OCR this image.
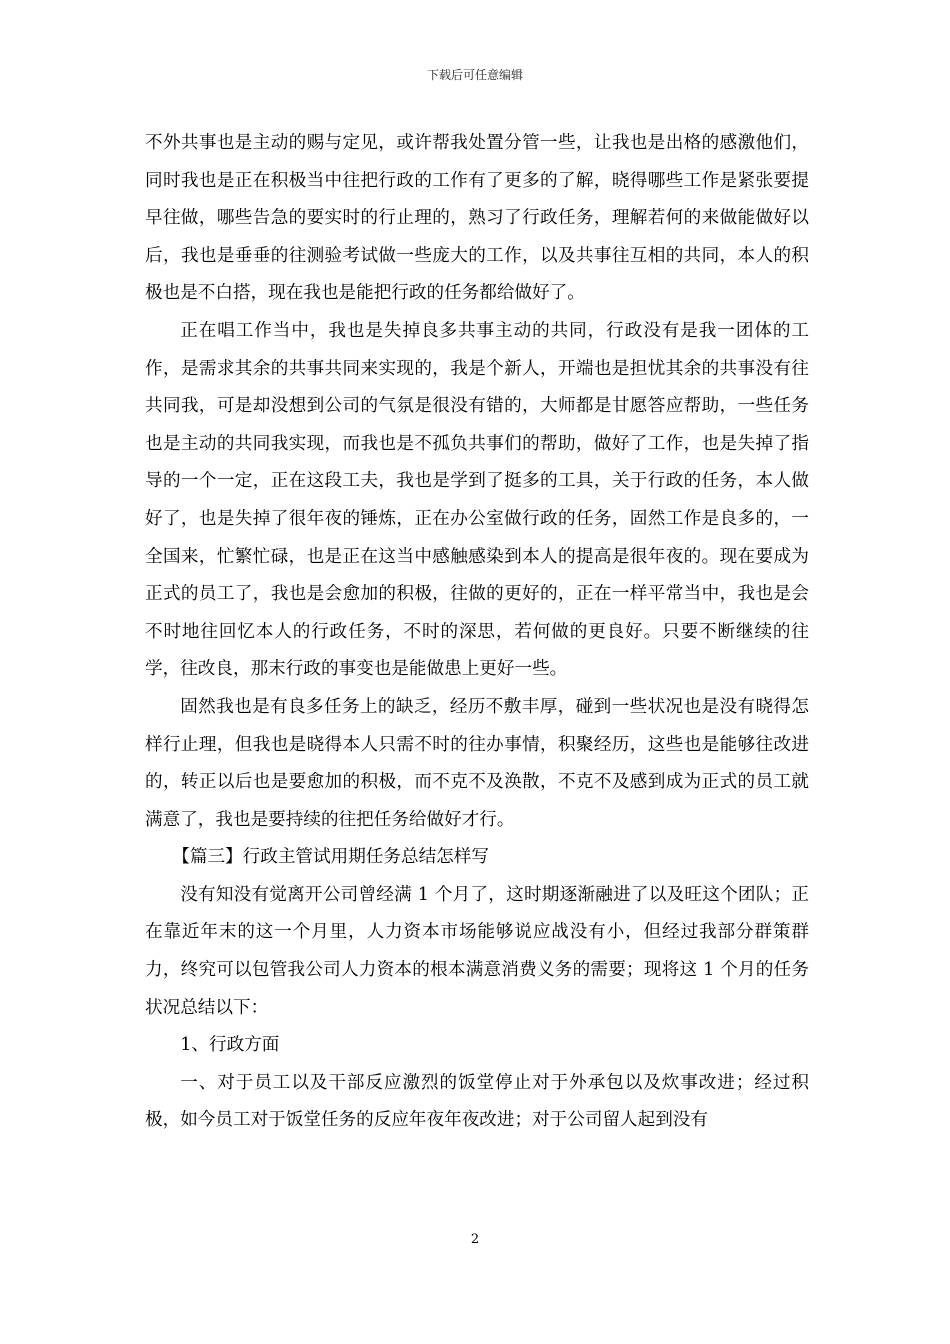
下载后可任意编辑

不外共事也是主动的赐与定见，或许帮我处置分管一些，让我也是出格的感激他们，同时我也是正在积极当中往把行政的工作有了更多的了解，晓得哪些工作是紧张要提早往做，哪些告急的要实时的行止理的，熟习了行政任务，理解若何的来做能做好以后，我也是垂垂的往测验考试做一些庞大的工作，以及共事往互相的共同，本人的积极也是不白搭，现在我也是能把行政的任务都给做好了。

正在唱工作当中，我也是失掉良多共事主动的共同，行政没有是我一团体的工作，是需求其余的共事共同来实现的，我是个新人，开端也是担忧其余的共事没有往共同我，可是却没想到公司的气氛是很没有错的，大师都是甘愿答应帮助，一些任务也是主动的共同我实现，而我也是不孤负共事们的帮助，做好了工作，也是失掉了指导的一个一定，正在这段工夫，我也是学到了挺多的工具，关于行政的任务，本人做好了，也是失掉了很年夜的锤炼，正在办公室做行政的任务，固然工作是良多的，一全国来，忙繁忙碌，也是正在这当中感触感染到本人的提高是很年夜的。现在要成为正式的员工了，我也是会愈加的积极，往做的更好的，正在一样平常当中，我也是会不时地往回忆本人的行政任务，不时的深思，若何做的更良好。只要不断继续的往学，往改良，那末行政的事变也是能做患上更好一些。

固然我也是有良多任务上的缺乏，经历不敷丰厚，碰到一些状况也是没有晓得怎样行止理，但我也是晓得本人只需不时的往办事情，积聚经历，这些也是能够往改进的，转正以后也是要愈加的积极，而不克不及涣散，不克不及感到成为正式的员工就满意了，我也是要持续的往把任务给做好才行。

【篇三】行政主管试用期任务总结怎样写

没有知没有觉离开公司曾经满 1 个月了，这时期逐渐融进了以及旺这个团队；正在靠近年末的这一个月里，人力资本市场能够说应战没有小，但经过我部分群策群力，终究可以包管我公司人力资本的根本满意消费义务的需要；现将这 1 个月的任务状况总结以下：

1、行政方面

一、对于员工以及干部反应激烈的饭堂停止对于外承包以及炊事改进；经过积极，如今员工对于饭堂任务的反应年夜年夜改进；对于公司留人起到没有

2
